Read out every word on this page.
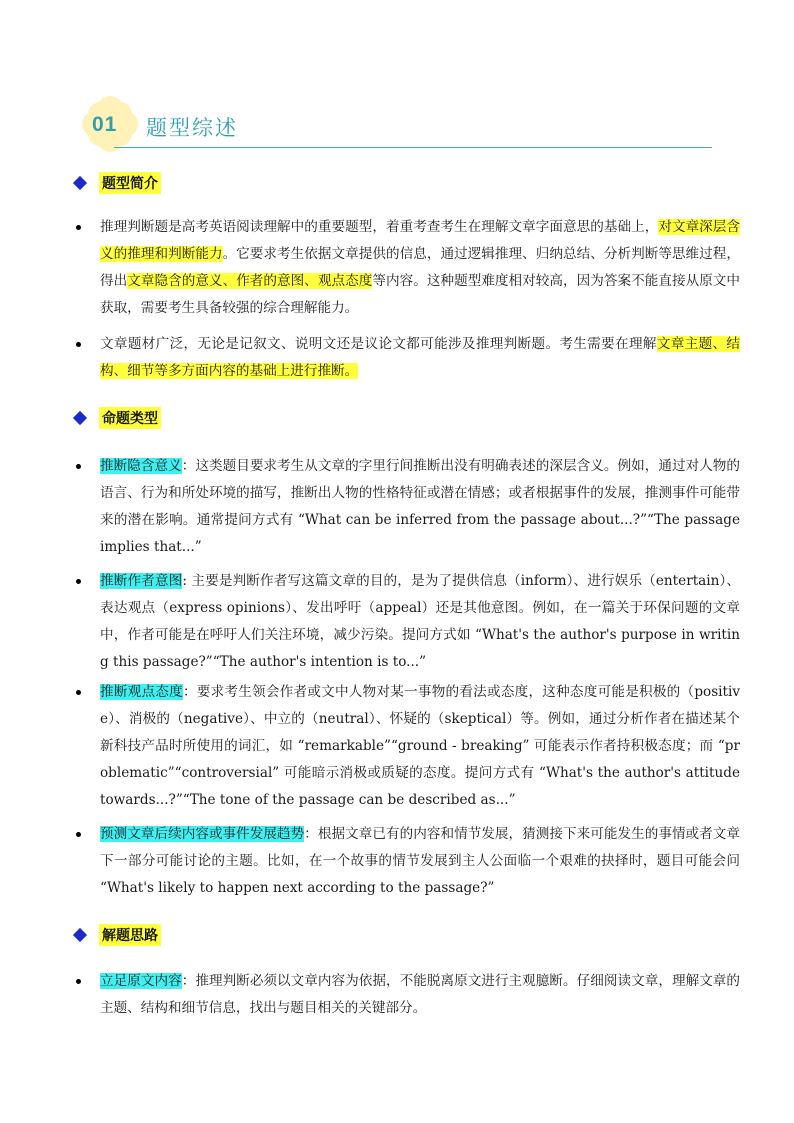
01 题型综述
题型简介

推理判断题是高考英语阅读理解中的重要题型，着重考查考生在理解文章字面意思的基础上，对文章深层含义的推理和判断能力。它要求考生依据文章提供的信息，通过逻辑推理、归纳总结、分析判断等思维过程，得出文章隐含的意义、作者的意图、观点态度等内容。这种题型难度相对较高，因为答案不能直接从原文中获取，需要考生具备较强的综合理解能力。

文章题材广泛，无论是记叙文、说明文还是议论文都可能涉及推理判断题。考生需要在理解文章主题、结构、细节等多方面内容的基础上进行推断。

命题类型

推断隐含意义：这类题目要求考生从文章的字里行间推断出没有明确表述的深层含义。例如，通过对人物的语言、行为和所处环境的描写，推断出人物的性格特征或潜在情感；或者根据事件的发展，推测事件可能带来的潜在影响。通常提问方式有 “What can be inferred from the passage about...?”“The passage implies that...”

推断作者意图: 主要是判断作者写这篇文章的目的，是为了提供信息（inform）、进行娱乐（entertain）、表达观点（express opinions）、发出呼吁（appeal）还是其他意图。例如，在一篇关于环保问题的文章中，作者可能是在呼吁人们关注环境，减少污染。提问方式如 “What's the author's purpose in writing this passage?”“The author's intention is to...”

推断观点态度：要求考生领会作者或文中人物对某一事物的看法或态度，这种态度可能是积极的（positive）、消极的（negative）、中立的（neutral）、怀疑的（skeptical）等。例如，通过分析作者在描述某个新科技产品时所使用的词汇，如 “remarkable”“ground - breaking” 可能表示作者持积极态度；而 “problematic”“controversial” 可能暗示消极或质疑的态度。提问方式有 “What's the author's attitude towards...?”“The tone of the passage can be described as...”

预测文章后续内容或事件发展趋势：根据文章已有的内容和情节发展，猜测接下来可能发生的事情或者文章下一部分可能讨论的主题。比如，在一个故事的情节发展到主人公面临一个艰难的抉择时，题目可能会问 “What's likely to happen next according to the passage?”

解题思路

立足原文内容：推理判断必须以文章内容为依据，不能脱离原文进行主观臆断。仔细阅读文章，理解文章的主题、结构和细节信息，找出与题目相关的关键部分。
